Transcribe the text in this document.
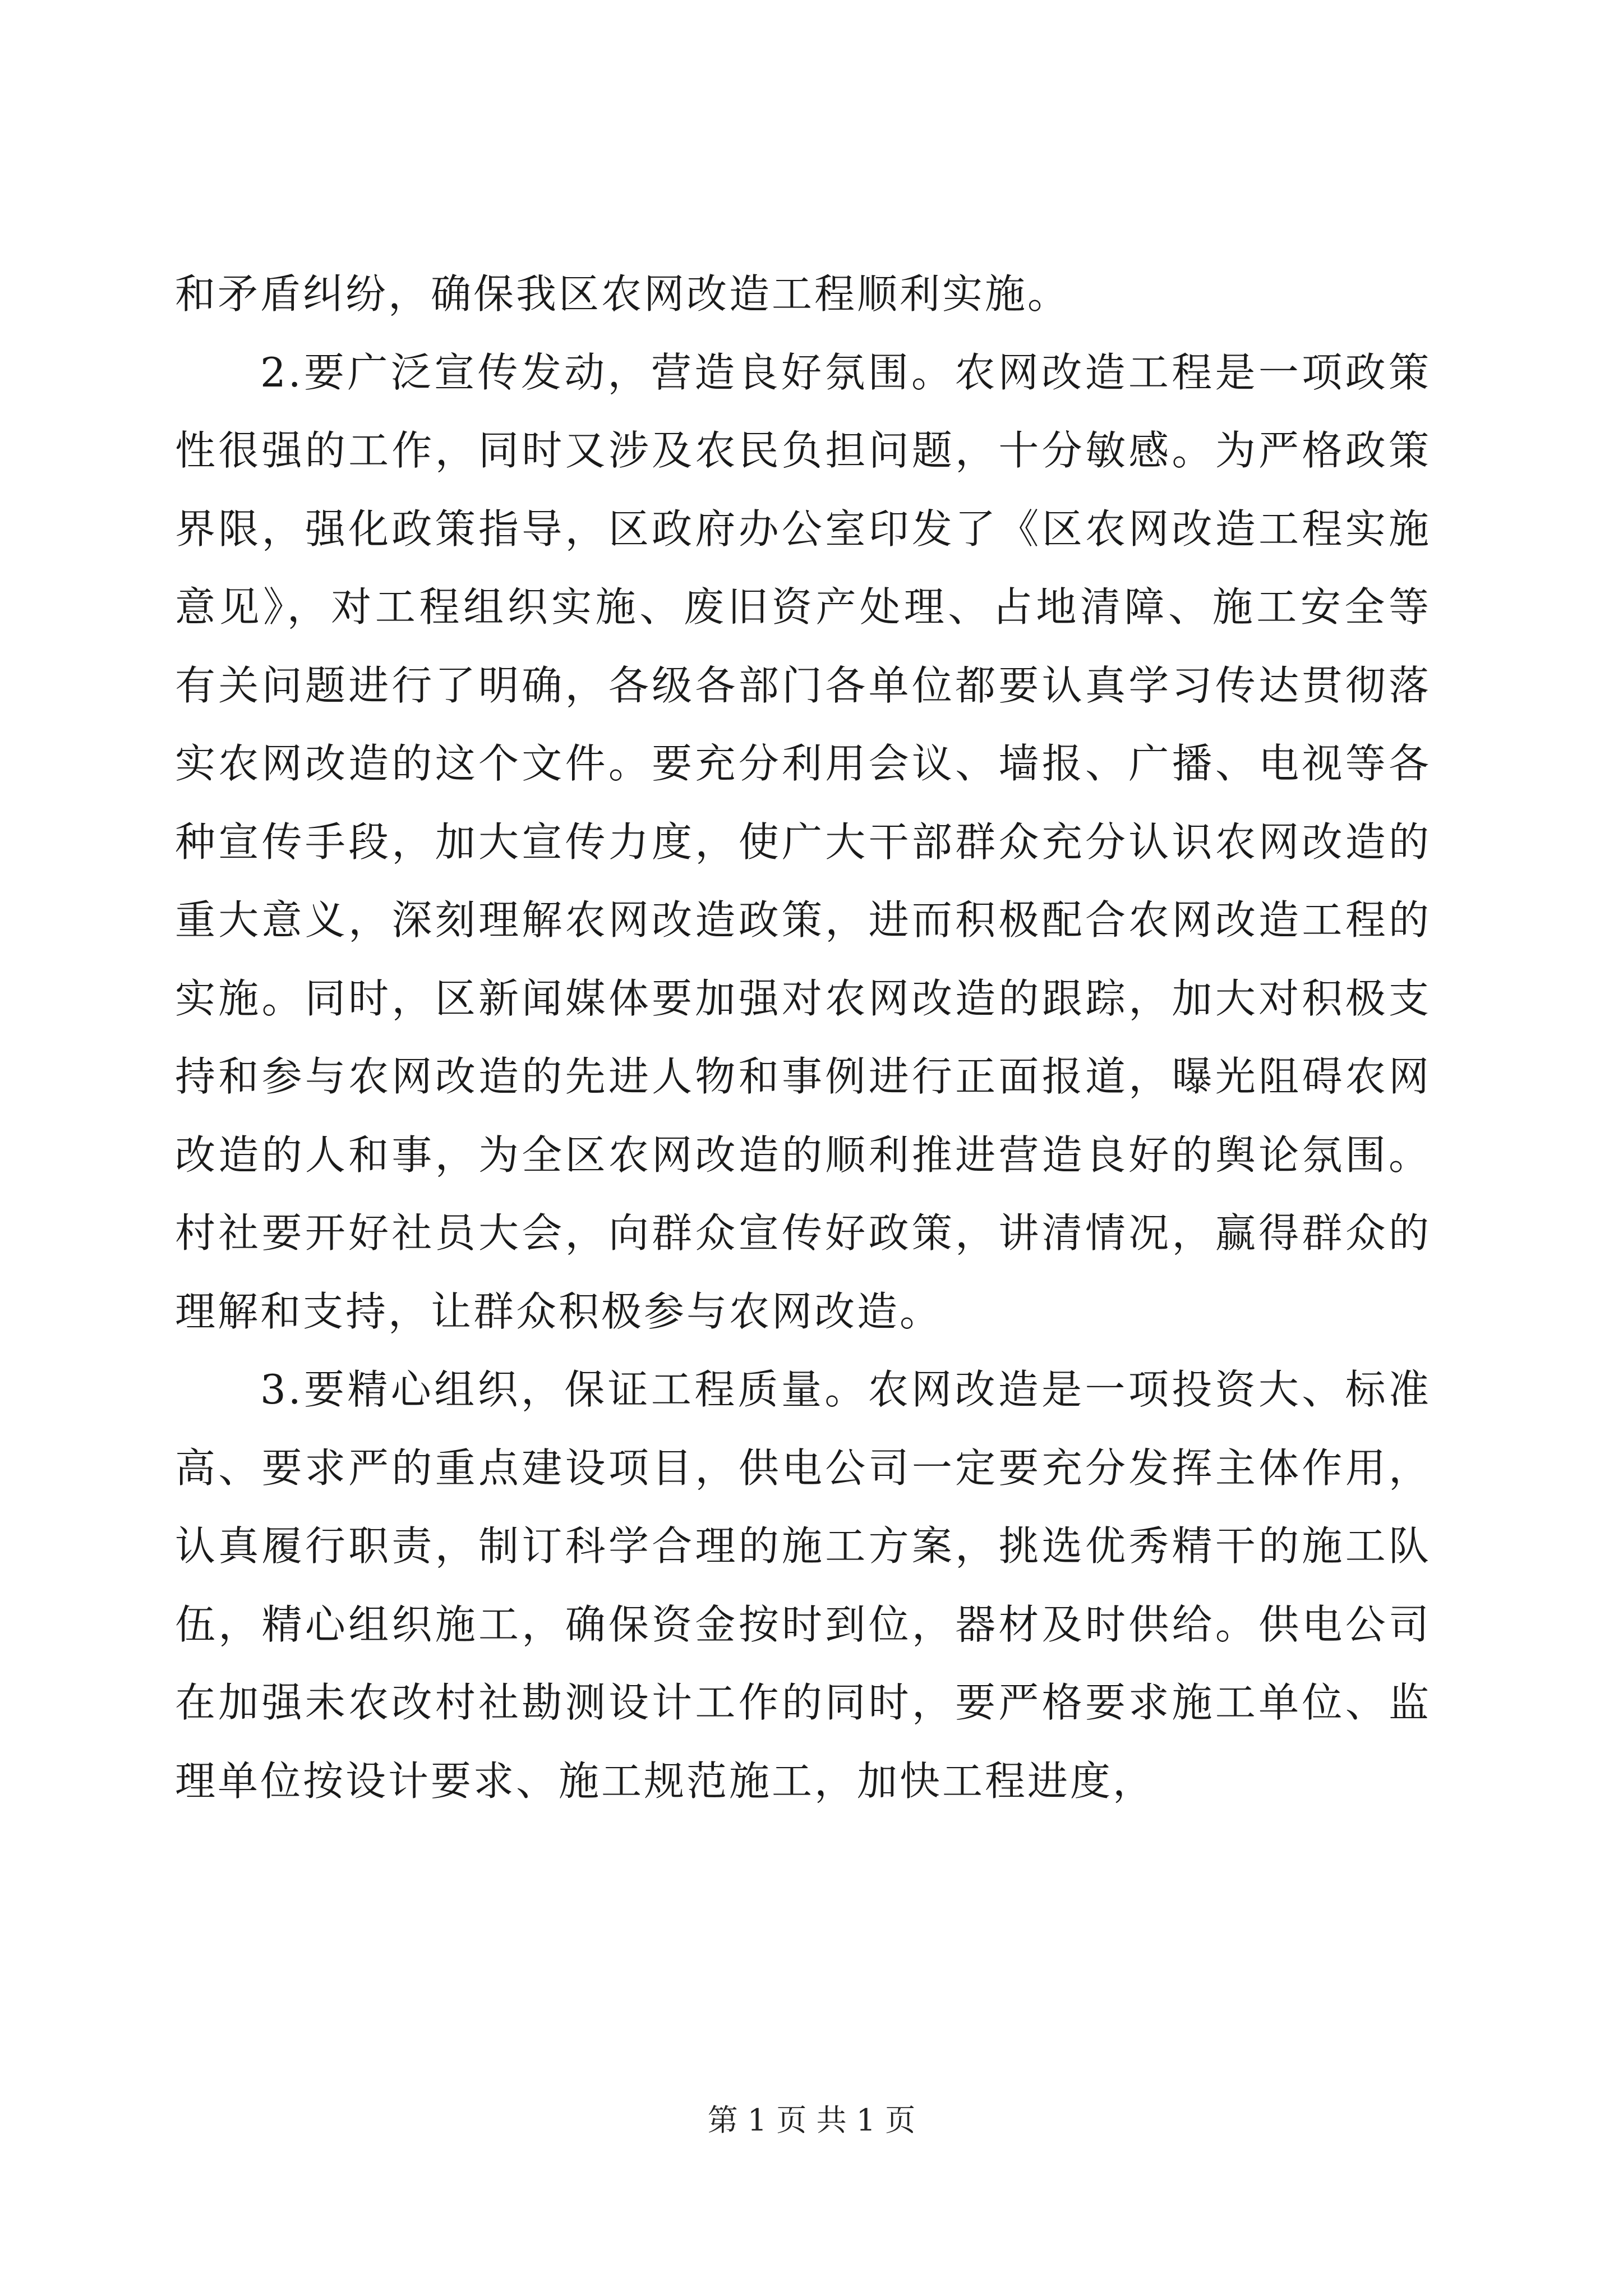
和矛盾纠纷，确保我区农网改造工程顺利实施。

2.要广泛宣传发动，营造良好氛围。农网改造工程是一项政策性很强的工作，同时又涉及农民负担问题，十分敏感。为严格政策界限，强化政策指导，区政府办公室印发了《区农网改造工程实施意见》，对工程组织实施、废旧资产处理、占地清障、施工安全等有关问题进行了明确，各级各部门各单位都要认真学习传达贯彻落实农网改造的这个文件。要充分利用会议、墙报、广播、电视等各种宣传手段，加大宣传力度，使广大干部群众充分认识农网改造的重大意义，深刻理解农网改造政策，进而积极配合农网改造工程的实施。同时，区新闻媒体要加强对农网改造的跟踪，加大对积极支持和参与农网改造的先进人物和事例进行正面报道，曝光阻碍农网改造的人和事，为全区农网改造的顺利推进营造良好的舆论氛围。村社要开好社员大会，向群众宣传好政策，讲清情况，赢得群众的理解和支持，让群众积极参与农网改造。

3.要精心组织，保证工程质量。农网改造是一项投资大、标准高、要求严的重点建设项目，供电公司一定要充分发挥主体作用，认真履行职责，制订科学合理的施工方案，挑选优秀精干的施工队伍，精心组织施工，确保资金按时到位，器材及时供给。供电公司在加强未农改村社勘测设计工作的同时，要严格要求施工单位、监理单位按设计要求、施工规范施工，加快工程进度，

第 1 页 共 1 页
